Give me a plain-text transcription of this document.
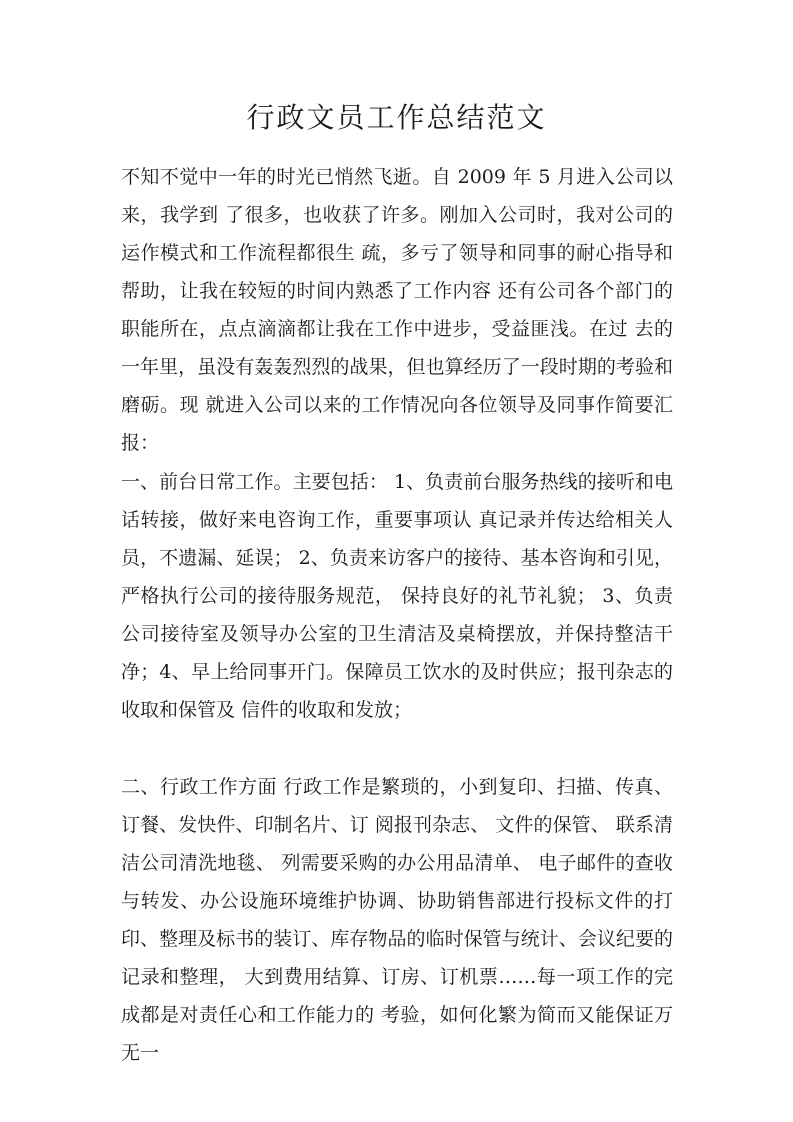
行政文员工作总结范文

不知不觉中一年的时光已悄然飞逝。自 2009 年 5 月进入公司以来，我学到 了很多，也收获了许多。刚加入公司时，我对公司的运作模式和工作流程都很生 疏，多亏了领导和同事的耐心指导和帮助，让我在较短的时间内熟悉了工作内容 还有公司各个部门的职能所在，点点滴滴都让我在工作中进步，受益匪浅。在过 去的一年里，虽没有轰轰烈烈的战果，但也算经历了一段时期的考验和磨砺。现 就进入公司以来的工作情况向各位领导及同事作简要汇报：

一、前台日常工作。主要包括： 1、负责前台服务热线的接听和电话转接，做好来电咨询工作，重要事项认 真记录并传达给相关人员，不遗漏、延误； 2、负责来访客户的接待、基本咨询和引见，严格执行公司的接待服务规范， 保持良好的礼节礼貌； 3、负责公司接待室及领导办公室的卫生清洁及桌椅摆放，并保持整洁干净；4、早上给同事开门。保障员工饮水的及时供应；报刊杂志的收取和保管及 信件的收取和发放；

二、行政工作方面 行政工作是繁琐的，小到复印、扫描、传真、订餐、发快件、印制名片、订 阅报刊杂志、 文件的保管、 联系清洁公司清洗地毯、 列需要采购的办公用品清单、 电子邮件的查收与转发、办公设施环境维护协调、协助销售部进行投标文件的打印、整理及标书的装订、库存物品的临时保管与统计、会议纪要的记录和整理， 大到费用结算、订房、订机票……每一项工作的完成都是对责任心和工作能力的 考验，如何化繁为简而又能保证万无一
